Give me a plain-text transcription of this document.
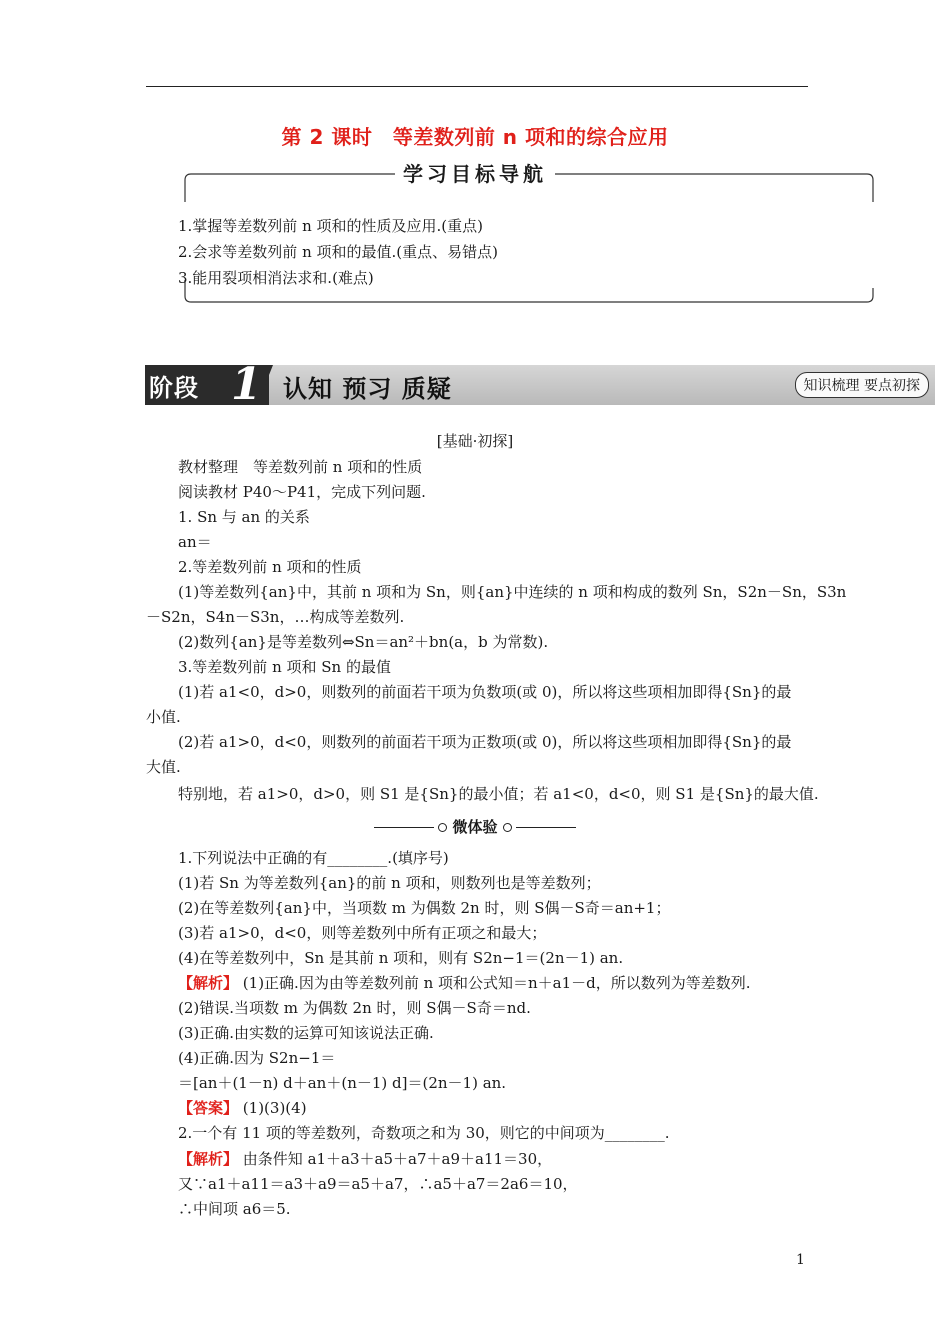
第 2 课时　等差数列前 n 项和的综合应用
学习目标导航
1.掌握等差数列前 n 项和的性质及应用.(重点)
2.会求等差数列前 n 项和的最值.(重点、易错点)
3.能用裂项相消法求和.(难点)
阶段 1 认知 预习 质疑	知识梳理 要点初探
[基础·初探]
教材整理　等差数列前 n 项和的性质
阅读教材 P40～P41，完成下列问题.
1. Sn 与 an 的关系
an＝
2.等差数列前 n 项和的性质
(1)等差数列{an}中，其前 n 项和为 Sn，则{an}中连续的 n 项和构成的数列 Sn，S2n－Sn，S3n
－S2n，S4n－S3n，…构成等差数列.
(2)数列{an}是等差数列⇔Sn＝an²＋bn(a，b 为常数).
3.等差数列前 n 项和 Sn 的最值
(1)若 a1<0，d>0，则数列的前面若干项为负数项(或 0)，所以将这些项相加即得{Sn}的最
小值.
(2)若 a1>0，d<0，则数列的前面若干项为正数项(或 0)，所以将这些项相加即得{Sn}的最
大值.
特别地，若 a1>0，d>0，则 S1 是{Sn}的最小值；若 a1<0，d<0，则 S1 是{Sn}的最大值.
微体验
1.下列说法中正确的有________.(填序号)
(1)若 Sn 为等差数列{an}的前 n 项和，则数列也是等差数列；
(2)在等差数列{an}中，当项数 m 为偶数 2n 时，则 S偶－S奇＝an+1；
(3)若 a1>0，d<0，则等差数列中所有正项之和最大；
(4)在等差数列中，Sn 是其前 n 项和，则有 S2n−1＝(2n－1) an.
【解析】 (1)正确.因为由等差数列前 n 项和公式知＝n＋a1－d，所以数列为等差数列.
(2)错误.当项数 m 为偶数 2n 时，则 S偶－S奇＝nd.
(3)正确.由实数的运算可知该说法正确.
(4)正确.因为 S2n−1＝
＝[an＋(1－n) d＋an＋(n－1) d]＝(2n－1) an.
【答案】 (1)(3)(4)
2.一个有 11 项的等差数列，奇数项之和为 30，则它的中间项为________.
【解析】 由条件知 a1＋a3＋a5＋a7＋a9＋a11＝30，
又∵a1＋a11＝a3＋a9＝a5＋a7，∴a5＋a7＝2a6＝10，
∴中间项 a6＝5.
1
